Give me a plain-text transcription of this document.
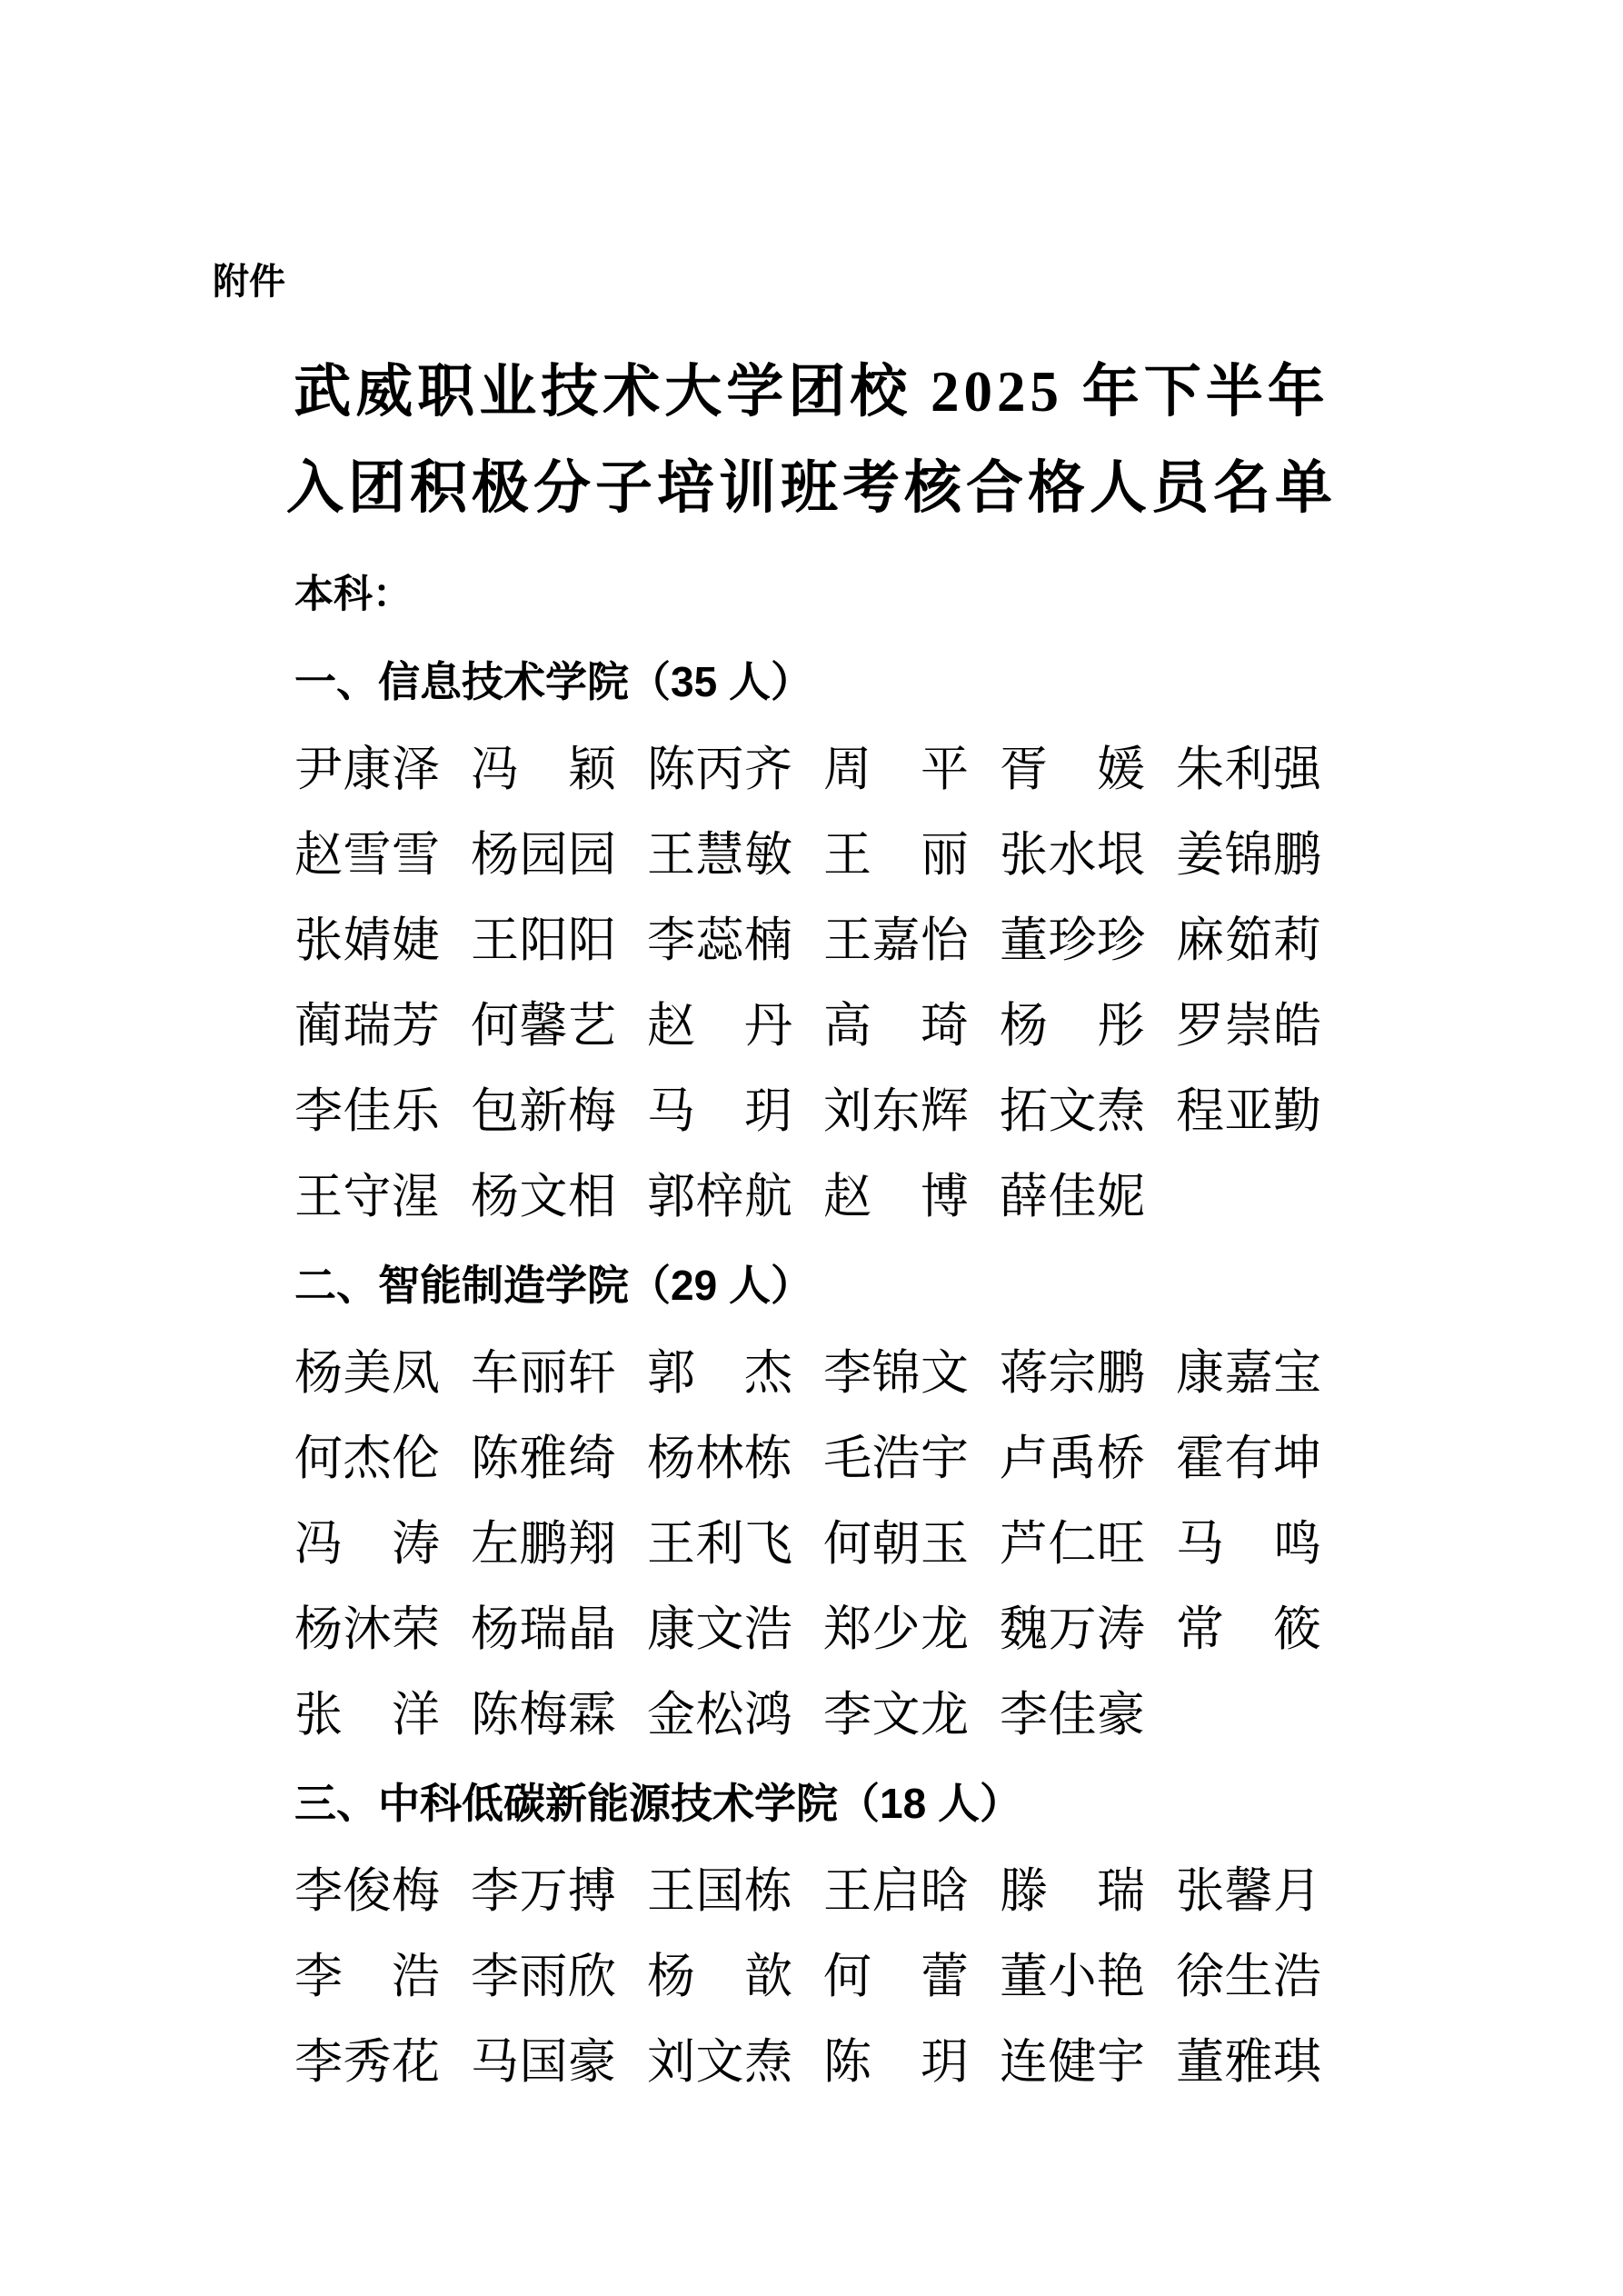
附件
武威职业技术大学团校 2025 年下半年
入团积极分子培训班考核合格人员名单
本科：
一、信息技术学院（35 人）
尹康泽 冯颖 陈丙齐 周平 胥媛 朱利强
赵雪雪 杨园园 王慧敏 王丽 张水垠 姜锦鹏
张婧婕 王阳阳 李蕊楠 王嘉怡 董珍珍 麻筎莉
蔺瑞芳 何馨艺 赵丹 高琦 杨彤 罗崇皓
李佳乐 包新梅 马玥 刘东辉 拓文焘 程亚勤
王守湦 杨文相 郭梓航 赵博 薛佳妮
二、智能制造学院（29 人）
杨美凤 车丽轩 郭杰 李锦文 蒋宗鹏 康嘉宝
何杰伦 陈雅绮 杨林栋 毛浩宇 卢禹桥 霍有坤
冯涛 左鹏翔 王利飞 何朝玉 芦仁旺 马鸣
杨沐荣 杨瑞晶 康文浩 郑少龙 魏万涛 常筱
张洋 陈梅霖 金松鸿 李文龙 李佳豪
三、中科低碳新能源技术学院（18 人）
李俊梅 李万搏 王国栋 王启晗 滕瑞 张馨月
李浩 李雨欣 杨歆 何蕾 董小艳 徐生浩
李秀花 马国豪 刘文焘 陈玥 连健宇 董雅琪
